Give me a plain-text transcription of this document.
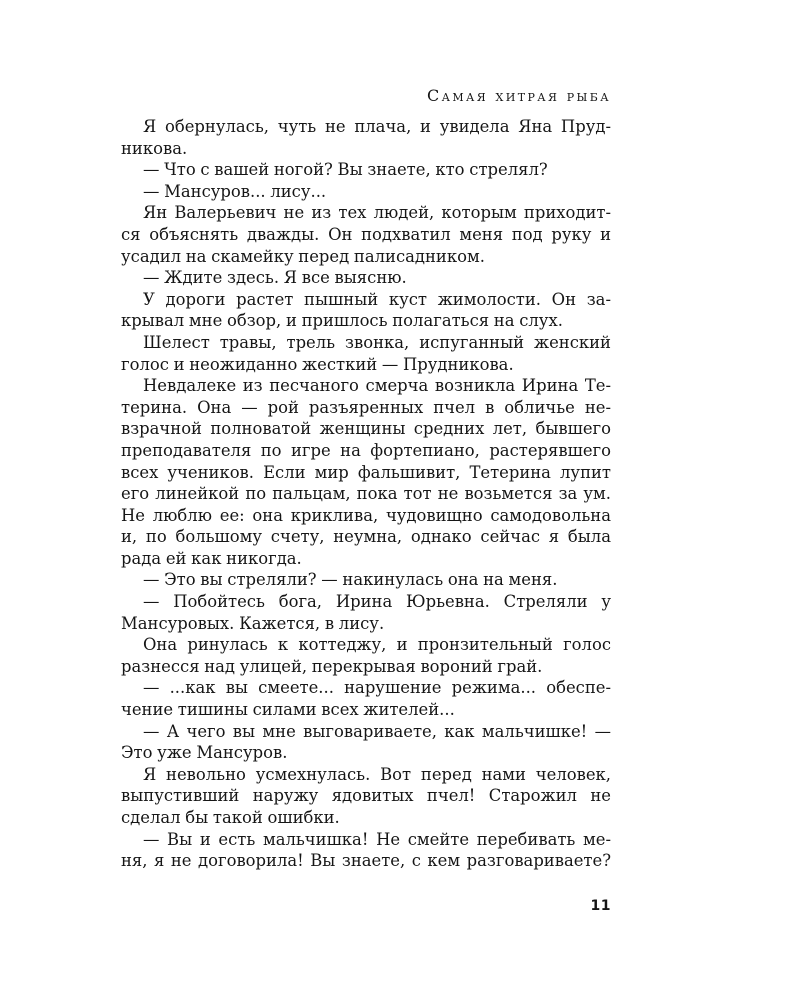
Самая хитрая рыба
Я обернулась, чуть не плача, и увидела Яна Пруд-
никова.
— Что с вашей ногой? Вы знаете, кто стрелял?
— Мансуров... лису...
Ян Валерьевич не из тех людей, которым приходит-
ся объяснять дважды. Он подхватил меня под руку и
усадил на скамейку перед палисадником.
— Ждите здесь. Я все выясню.
У дороги растет пышный куст жимолости. Он за-
крывал мне обзор, и пришлось полагаться на слух.
Шелест травы, трель звонка, испуганный женский
голос и неожиданно жесткий — Прудникова.
Невдалеке из песчаного смерча возникла Ирина Те-
терина. Она — рой разъяренных пчел в обличье не-
взрачной полноватой женщины средних лет, бывшего
преподавателя по игре на фортепиано, растерявшего
всех учеников. Если мир фальшивит, Тетерина лупит
его линейкой по пальцам, пока тот не возьмется за ум.
Не люблю ее: она криклива, чудовищно самодовольна
и, по большому счету, неумна, однако сейчас я была
рада ей как никогда.
— Это вы стреляли? — накинулась она на меня.
— Побойтесь бога, Ирина Юрьевна. Стреляли у
Мансуровых. Кажется, в лису.
Она ринулась к коттеджу, и пронзительный голос
разнесся над улицей, перекрывая вороний грай.
— ...как вы смеете... нарушение режима... обеспе-
чение тишины силами всех жителей...
— А чего вы мне выговариваете, как мальчишке! —
Это уже Мансуров.
Я невольно усмехнулась. Вот перед нами человек,
выпустивший наружу ядовитых пчел! Старожил не
сделал бы такой ошибки.
— Вы и есть мальчишка! Не смейте перебивать ме-
ня, я не договорила! Вы знаете, с кем разговариваете?
11
